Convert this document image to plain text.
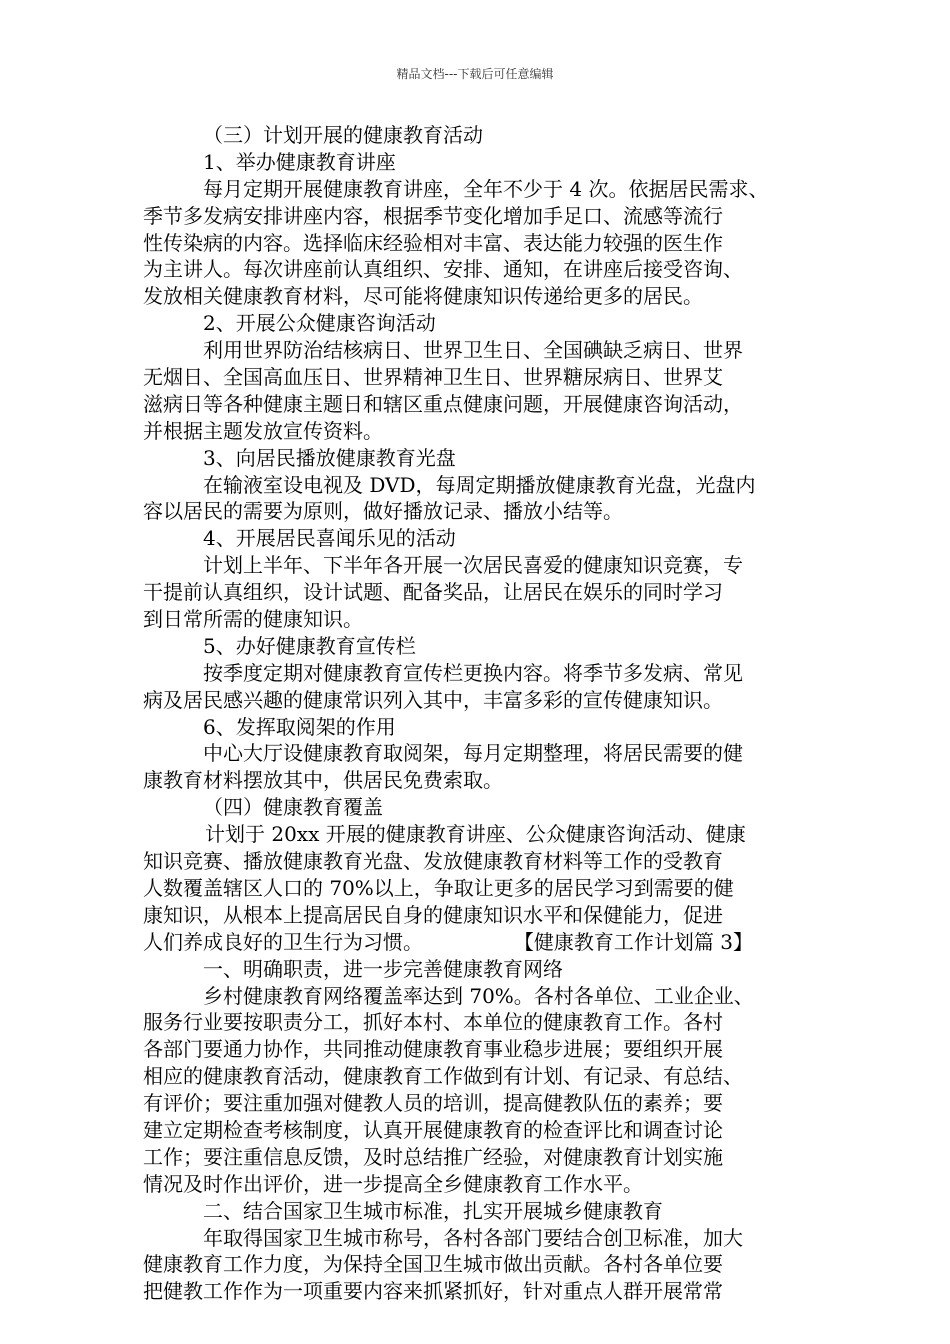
精品文档---下载后可任意编辑
（三）计划开展的健康教育活动
1、举办健康教育讲座
每月定期开展健康教育讲座，全年不少于 4 次。依据居民需求、
季节多发病安排讲座内容，根据季节变化增加手足口、流感等流行
性传染病的内容。选择临床经验相对丰富、表达能力较强的医生作
为主讲人。每次讲座前认真组织、安排、通知，在讲座后接受咨询、
发放相关健康教育材料，尽可能将健康知识传递给更多的居民。
2、开展公众健康咨询活动
利用世界防治结核病日、世界卫生日、全国碘缺乏病日、世界
无烟日、全国高血压日、世界精神卫生日、世界糖尿病日、世界艾
滋病日等各种健康主题日和辖区重点健康问题，开展健康咨询活动，
并根据主题发放宣传资料。
3、向居民播放健康教育光盘
在输液室设电视及 DVD，每周定期播放健康教育光盘，光盘内
容以居民的需要为原则，做好播放记录、播放小结等。
4、开展居民喜闻乐见的活动
计划上半年、下半年各开展一次居民喜爱的健康知识竞赛，专
干提前认真组织，设计试题、配备奖品，让居民在娱乐的同时学习
到日常所需的健康知识。
5、办好健康教育宣传栏
按季度定期对健康教育宣传栏更换内容。将季节多发病、常见
病及居民感兴趣的健康常识列入其中，丰富多彩的宣传健康知识。
6、发挥取阅架的作用
中心大厅设健康教育取阅架，每月定期整理，将居民需要的健
康教育材料摆放其中，供居民免费索取。
（四）健康教育覆盖
计划于 20xx 开展的健康教育讲座、公众健康咨询活动、健康
知识竞赛、播放健康教育光盘、发放健康教育材料等工作的受教育
人数覆盖辖区人口的 70%以上，争取让更多的居民学习到需要的健
康知识，从根本上提高居民自身的健康知识水平和保健能力，促进
人们养成良好的卫生行为习惯。	【健康教育工作计划篇 3】
一、明确职责，进一步完善健康教育网络
乡村健康教育网络覆盖率达到 70%。各村各单位、工业企业、
服务行业要按职责分工，抓好本村、本单位的健康教育工作。各村
各部门要通力协作，共同推动健康教育事业稳步进展；要组织开展
相应的健康教育活动，健康教育工作做到有计划、有记录、有总结、
有评价；要注重加强对健教人员的培训，提高健教队伍的素养；要
建立定期检查考核制度，认真开展健康教育的检查评比和调查讨论
工作；要注重信息反馈，及时总结推广经验，对健康教育计划实施
情况及时作出评价，进一步提高全乡健康教育工作水平。
二、结合国家卫生城市标准，扎实开展城乡健康教育
年取得国家卫生城市称号，各村各部门要结合创卫标准，加大
健康教育工作力度，为保持全国卫生城市做出贡献。各村各单位要
把健教工作作为一项重要内容来抓紧抓好，针对重点人群开展常常
